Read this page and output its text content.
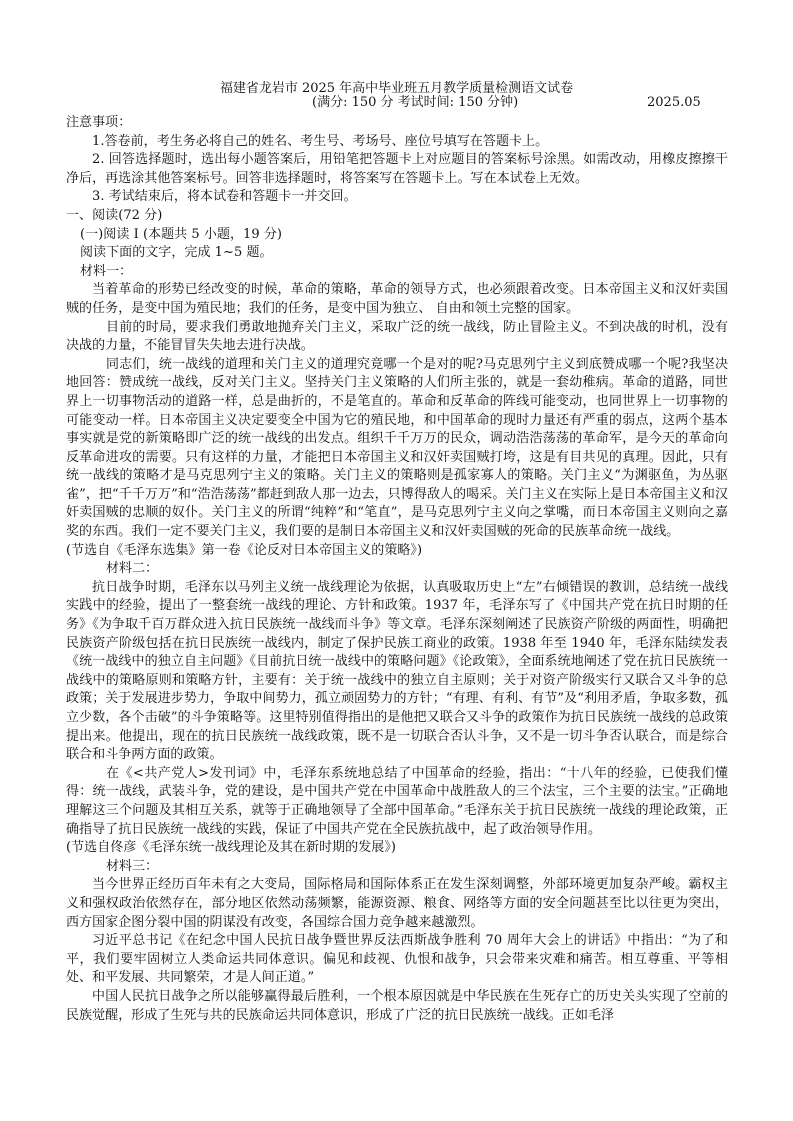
福建省龙岩市 2025 年高中毕业班五月教学质量检测语文试卷
(满分: 150 分 考试时间: 150 分钟)	2025.05

注意事项：

1.答卷前，考生务必将自己的姓名、考生号、考场号、座位号填写在答题卡上。

2. 回答选择题时，选出每小题答案后，用铅笔把答题卡上对应题目的答案标号涂黑。如需改动，用橡皮擦擦干净后，再选涂其他答案标号。回答非选择题时，将答案写在答题卡上。写在本试卷上无效。

3. 考试结束后，将本试卷和答题卡一并交回。

一、阅读(72 分)

(一)阅读 I (本题共 5 小题，19 分)

阅读下面的文字，完成 1~5 题。

材料一：

当着革命的形势已经改变的时候，革命的策略，革命的领导方式，也必须跟着改变。日本帝国主义和汉奸卖国贼的任务，是变中国为殖民地；我们的任务，是变中国为独立、 自由和领土完整的国家。

目前的时局，要求我们勇敢地抛弃关门主义，采取广泛的统一战线，防止冒险主义。不到决战的时机，没有决战的力量，不能冒冒失失地去进行决战。

同志们，统一战线的道理和关门主义的道理究竟哪一个是对的呢?马克思列宁主义到底赞成哪一个呢?我坚决地回答：赞成统一战线，反对关门主义。坚持关门主义策略的人们所主张的，就是一套幼稚病。革命的道路，同世界上一切事物活动的道路一样，总是曲折的，不是笔直的。革命和反革命的阵线可能变动，也同世界上一切事物的可能变动一样。日本帝国主义决定要变全中国为它的殖民地，和中国革命的现时力量还有严重的弱点，这两个基本事实就是党的新策略即广泛的统一战线的出发点。组织千千万万的民众，调动浩浩荡荡的革命军，是今天的革命向反革命进攻的需要。只有这样的力量，才能把日本帝国主义和汉奸卖国贼打垮，这是有目共见的真理。因此，只有统一战线的策略才是马克思列宁主义的策略。关门主义的策略则是孤家寡人的策略。关门主义“为渊驱鱼，为丛驱雀”，把“千千万万”和“浩浩荡荡”都赶到敌人那一边去，只博得敌人的喝采。关门主义在实际上是日本帝国主义和汉奸卖国贼的忠顺的奴仆。关门主义的所谓“纯粹”和“笔直”，是马克思列宁主义向之掌嘴，而日本帝国主义则向之嘉奖的东西。我们一定不要关门主义，我们要的是制日本帝国主义和汉奸卖国贼的死命的民族革命统一战线。

(节选自《毛泽东选集》第一卷《论反对日本帝国主义的策略》)

材料二：

抗日战争时期，毛泽东以马列主义统一战线理论为依据，认真吸取历史上“左”右倾错误的教训，总结统一战线实践中的经验，提出了一整套统一战线的理论、方针和政策。1937 年，毛泽东写了《中国共产党在抗日时期的任务》《为争取千百万群众进入抗日民族统一战线而斗争》等文章。毛泽东深刻阐述了民族资产阶级的两面性，明确把民族资产阶级包括在抗日民族统一战线内，制定了保护民族工商业的政策。1938 年至 1940 年，毛泽东陆续发表《统一战线中的独立自主问题》《目前抗日统一战线中的策略问题》《论政策》，全面系统地阐述了党在抗日民族统一战线中的策略原则和策略方针，主要有：关于统一战线中的独立自主原则；关于对资产阶级实行又联合又斗争的总政策；关于发展进步势力，争取中间势力，孤立顽固势力的方针；“有理、有利、有节”及“利用矛盾，争取多数，孤立少数，各个击破”的斗争策略等。这里特别值得指出的是他把又联合又斗争的政策作为抗日民族统一战线的总政策提出来。他提出，现在的抗日民族统一战线政策，既不是一切联合否认斗争，又不是一切斗争否认联合，而是综合联合和斗争两方面的政策。

在《<共产党人>发刊词》中，毛泽东系统地总结了中国革命的经验，指出：“十八年的经验，已使我们懂得：统一战线，武装斗争，党的建设，是中国共产党在中国革命中战胜敌人的三个法宝，三个主要的法宝。”正确地理解这三个问题及其相互关系，就等于正确地领导了全部中国革命。”毛泽东关于抗日民族统一战线的理论政策，正确指导了抗日民族统一战线的实践，保证了中国共产党在全民族抗战中，起了政治领导作用。

(节选自佟彦《毛泽东统一战线理论及其在新时期的发展》)

材料三：

当今世界正经历百年未有之大变局，国际格局和国际体系正在发生深刻调整，外部环境更加复杂严峻。霸权主义和强权政治依然存在，部分地区依然动荡频繁，能源资源、粮食、网络等方面的安全问题甚至比以往更为突出，西方国家企图分裂中国的阴谋没有改变，各国综合国力竞争越来越激烈。

习近平总书记《在纪念中国人民抗日战争暨世界反法西斯战争胜利 70 周年大会上的讲话》中指出：“为了和平，我们要牢固树立人类命运共同体意识。偏见和歧视、仇恨和战争，只会带来灾难和痛苦。相互尊重、平等相处、和平发展、共同繁荣，才是人间正道。”

中国人民抗日战争之所以能够赢得最后胜利，一个根本原因就是中华民族在生死存亡的历史关头实现了空前的民族觉醒，形成了生死与共的民族命运共同体意识，形成了广泛的抗日民族统一战线。正如毛泽
